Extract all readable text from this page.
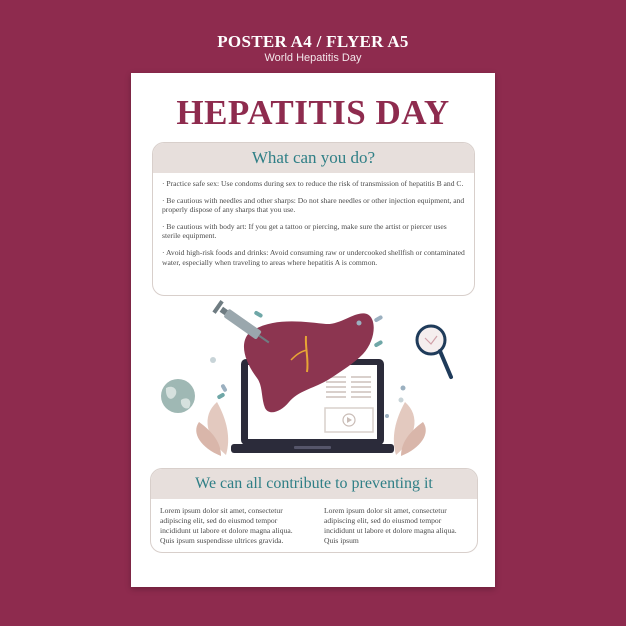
POSTER A4 / FLYER A5
World Hepatitis Day
HEPATITIS DAY
What can you do?
· Practice safe sex: Use condoms during sex to reduce the risk of transmission of hepatitis B and C.
· Be cautious with needles and other sharps: Do not share needles or other injection equipment, and properly dispose of any sharps that you use.
· Be cautious with body art: If you get a tattoo or piercing, make sure the artist or piercer uses sterile equipment.
· Avoid high-risk foods and drinks: Avoid consuming raw or undercooked shellfish or contaminated water, especially when traveling to areas where hepatitis A is common.
We can all contribute to preventing it

Lorem ipsum dolor sit amet, consectetur adipiscing elit, sed do eiusmod tempor incididunt ut labore et dolore magna aliqua. Quis ipsum suspendisse ultrices gravida.

Lorem ipsum dolor sit amet, consectetur adipiscing elit, sed do eiusmod tempor incididunt ut labore et dolore magna aliqua. Quis ipsum
